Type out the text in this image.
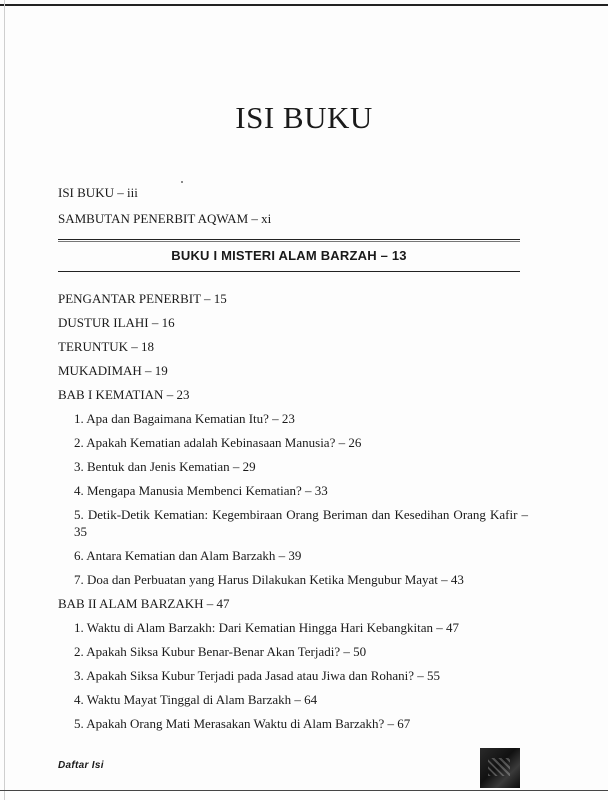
ISI BUKU
ISI BUKU – iii
SAMBUTAN PENERBIT AQWAM – xi
BUKU I MISTERI ALAM BARZAH – 13
PENGANTAR PENERBIT – 15
DUSTUR ILAHI – 16
TERUNTUK – 18
MUKADIMAH – 19
BAB I KEMATIAN – 23
1. Apa dan Bagaimana Kematian Itu? – 23
2. Apakah Kematian adalah Kebinasaan Manusia? – 26
3. Bentuk dan Jenis Kematian – 29
4. Mengapa Manusia Membenci Kematian? – 33
5. Detik-Detik Kematian: Kegembiraan Orang Beriman dan Kesedihan Orang Kafir – 35
6. Antara Kematian dan Alam Barzakh – 39
7. Doa dan Perbuatan yang Harus Dilakukan Ketika Mengubur Mayat – 43
BAB II ALAM BARZAKH – 47
1. Waktu di Alam Barzakh: Dari Kematian Hingga Hari Kebangkitan – 47
2. Apakah Siksa Kubur Benar-Benar Akan Terjadi? – 50
3. Apakah Siksa Kubur Terjadi pada Jasad atau Jiwa dan Rohani? – 55
4. Waktu Mayat Tinggal di Alam Barzakh – 64
5. Apakah Orang Mati Merasakan Waktu di Alam Barzakh? – 67
Daftar Isi
